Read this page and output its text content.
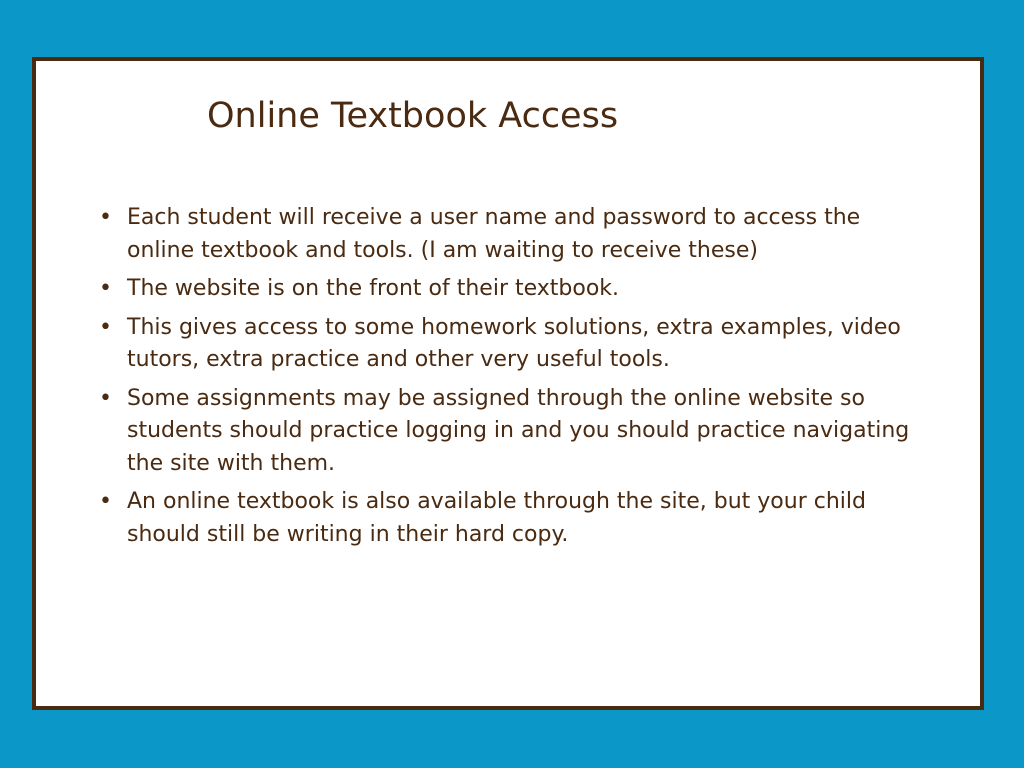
Online Textbook Access
• Each student will receive a user name and password to access the online textbook and tools. (I am waiting to receive these)
• The website is on the front of their textbook.
• This gives access to some homework solutions, extra examples, video tutors, extra practice and other very useful tools.
• Some assignments may be assigned through the online website so students should practice logging in and you should practice navigating the site with them.
• An online textbook is also available through the site, but your child should still be writing in their hard copy.
